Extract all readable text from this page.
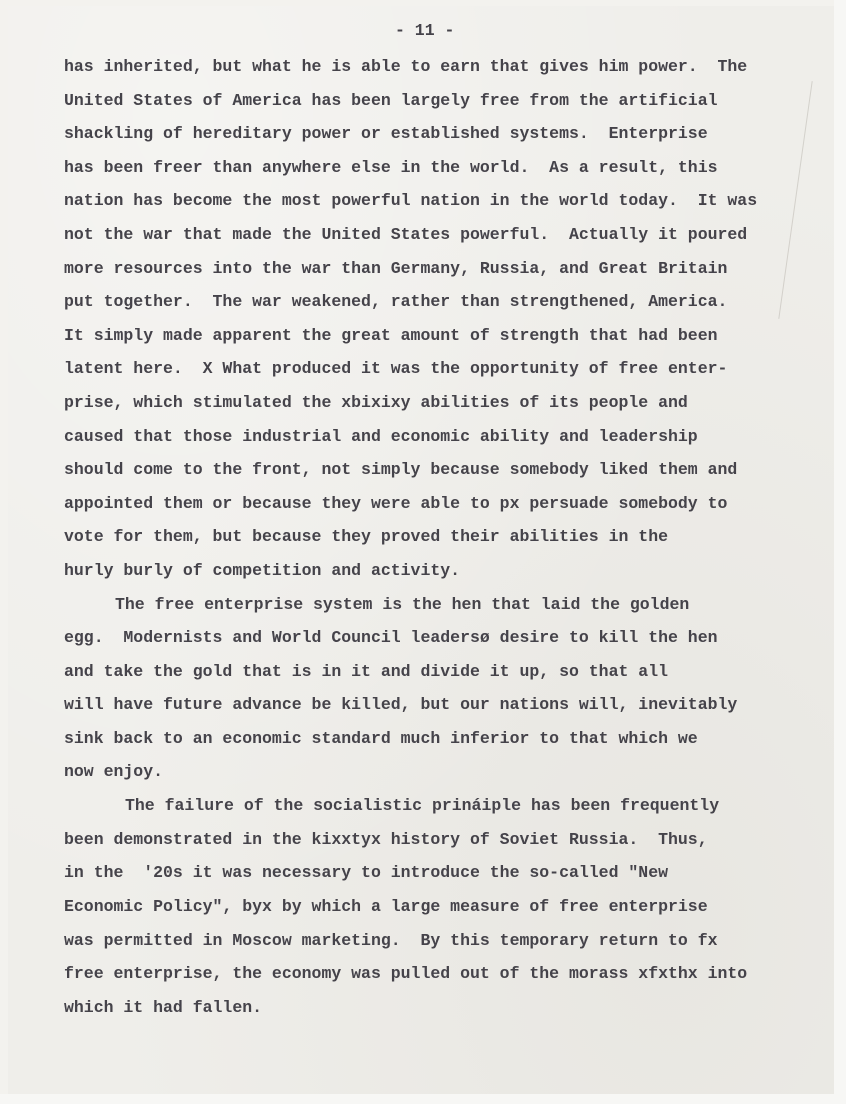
- 11 -
has inherited, but what he is able to earn that gives him power.  The
United States of America has been largely free from the artificial
shackling of hereditary power or established systems.  Enterprise
has been freer than anywhere else in the world.  As a result, this
nation has become the most powerful nation in the world today.  It was
not the war that made the United States powerful.  Actually it poured
more resources into the war than Germany, Russia, and Great Britain
put together.  The war weakened, rather than strengthened, America.
It simply made apparent the great amount of strength that had been
latent here.  X What produced it was the opportunity of free enter-
prise, which stimulated the xbixixy abilities of its people and
caused that those industrial and economic ability and leadership
should come to the front, not simply because somebody liked them and
appointed them or because they were able to px persuade somebody to
vote for them, but because they proved their abilities in the
hurly burly of competition and activity.
The free enterprise system is the hen that laid the golden
egg.  Modernists and World Council leadersø desire to kill the hen
and take the gold that is in it and divide it up, so that all
will have future advance be killed, but our nations will, inevitably
sink back to an economic standard much inferior to that which we
now enjoy.
The failure of the socialistic prináiple has been frequently
been demonstrated in the kixxtyx history of Soviet Russia.  Thus,
in the  '20s it was necessary to introduce the so-called "New
Economic Policy", byx by which a large measure of free enterprise
was permitted in Moscow marketing.  By this temporary return to fx
free enterprise, the economy was pulled out of the morass xfxthx into
which it had fallen.
